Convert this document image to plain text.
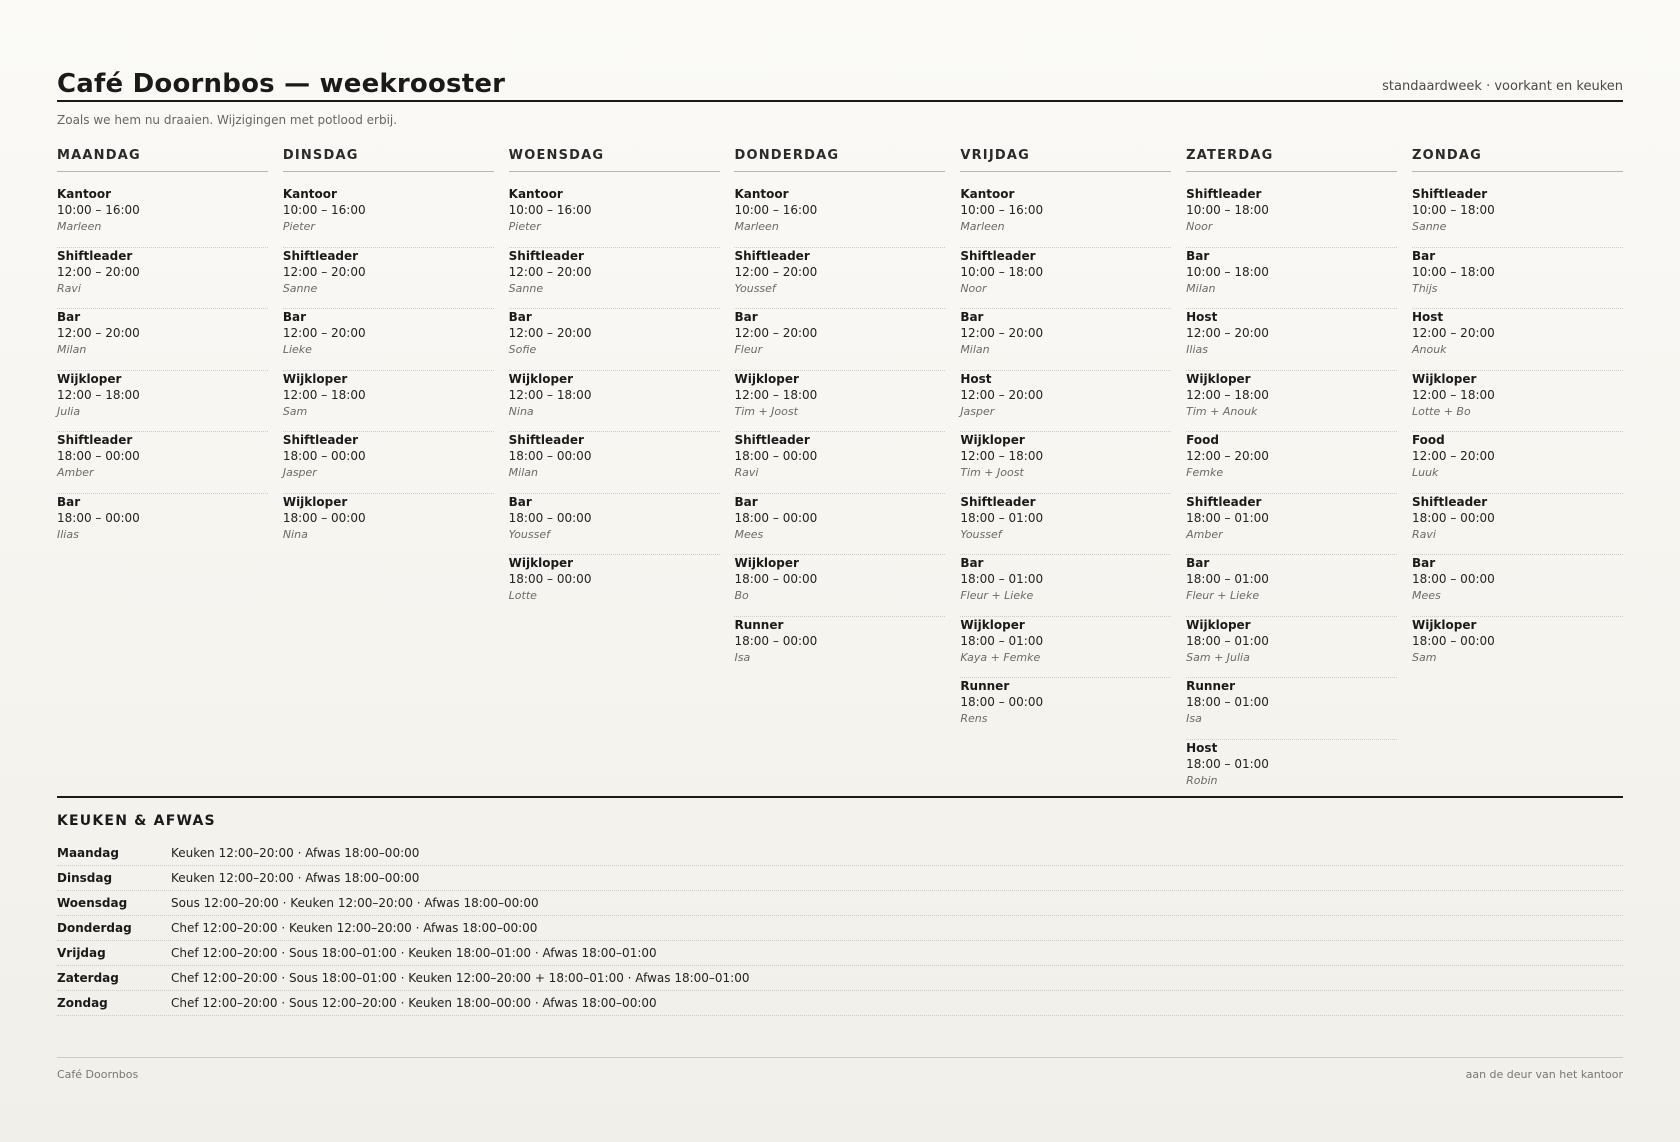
Café Doornbos — weekrooster	standaardweek · voorkant en keuken
Zoals we hem nu draaien. Wijzigingen met potlood erbij.
MAANDAG
Kantoor
10:00 – 16:00
Marleen
Shiftleader
12:00 – 20:00
Ravi
Bar
12:00 – 20:00
Milan
Wijkloper
12:00 – 18:00
Julia
Shiftleader
18:00 – 00:00
Amber
Bar
18:00 – 00:00
Ilias
DINSDAG
Kantoor
10:00 – 16:00
Pieter
Shiftleader
12:00 – 20:00
Sanne
Bar
12:00 – 20:00
Lieke
Wijkloper
12:00 – 18:00
Sam
Shiftleader
18:00 – 00:00
Jasper
Wijkloper
18:00 – 00:00
Nina
WOENSDAG
Kantoor
10:00 – 16:00
Pieter
Shiftleader
12:00 – 20:00
Sanne
Bar
12:00 – 20:00
Sofie
Wijkloper
12:00 – 18:00
Nina
Shiftleader
18:00 – 00:00
Milan
Bar
18:00 – 00:00
Youssef
Wijkloper
18:00 – 00:00
Lotte
DONDERDAG
Kantoor
10:00 – 16:00
Marleen
Shiftleader
12:00 – 20:00
Youssef
Bar
12:00 – 20:00
Fleur
Wijkloper
12:00 – 18:00
Tim + Joost
Shiftleader
18:00 – 00:00
Ravi
Bar
18:00 – 00:00
Mees
Wijkloper
18:00 – 00:00
Bo
Runner
18:00 – 00:00
Isa
VRIJDAG
Kantoor
10:00 – 16:00
Marleen
Shiftleader
10:00 – 18:00
Noor
Bar
12:00 – 20:00
Milan
Host
12:00 – 20:00
Jasper
Wijkloper
12:00 – 18:00
Tim + Joost
Shiftleader
18:00 – 01:00
Youssef
Bar
18:00 – 01:00
Fleur + Lieke
Wijkloper
18:00 – 01:00
Kaya + Femke
Runner
18:00 – 00:00
Rens
ZATERDAG
Shiftleader
10:00 – 18:00
Noor
Bar
10:00 – 18:00
Milan
Host
12:00 – 20:00
Ilias
Wijkloper
12:00 – 18:00
Tim + Anouk
Food
12:00 – 20:00
Femke
Shiftleader
18:00 – 01:00
Amber
Bar
18:00 – 01:00
Fleur + Lieke
Wijkloper
18:00 – 01:00
Sam + Julia
Runner
18:00 – 01:00
Isa
Host
18:00 – 01:00
Robin
ZONDAG
Shiftleader
10:00 – 18:00
Sanne
Bar
10:00 – 18:00
Thijs
Host
12:00 – 20:00
Anouk
Wijkloper
12:00 – 18:00
Lotte + Bo
Food
12:00 – 20:00
Luuk
Shiftleader
18:00 – 00:00
Ravi
Bar
18:00 – 00:00
Mees
Wijkloper
18:00 – 00:00
Sam
KEUKEN & AFWAS
Maandag	Keuken 12:00–20:00 · Afwas 18:00–00:00
Dinsdag	Keuken 12:00–20:00 · Afwas 18:00–00:00
Woensdag	Sous 12:00–20:00 · Keuken 12:00–20:00 · Afwas 18:00–00:00
Donderdag	Chef 12:00–20:00 · Keuken 12:00–20:00 · Afwas 18:00–00:00
Vrijdag	Chef 12:00–20:00 · Sous 18:00–01:00 · Keuken 18:00–01:00 · Afwas 18:00–01:00
Zaterdag	Chef 12:00–20:00 · Sous 18:00–01:00 · Keuken 12:00–20:00 + 18:00–01:00 · Afwas 18:00–01:00
Zondag	Chef 12:00–20:00 · Sous 12:00–20:00 · Keuken 18:00–00:00 · Afwas 18:00–00:00
Café Doornbos	aan de deur van het kantoor
